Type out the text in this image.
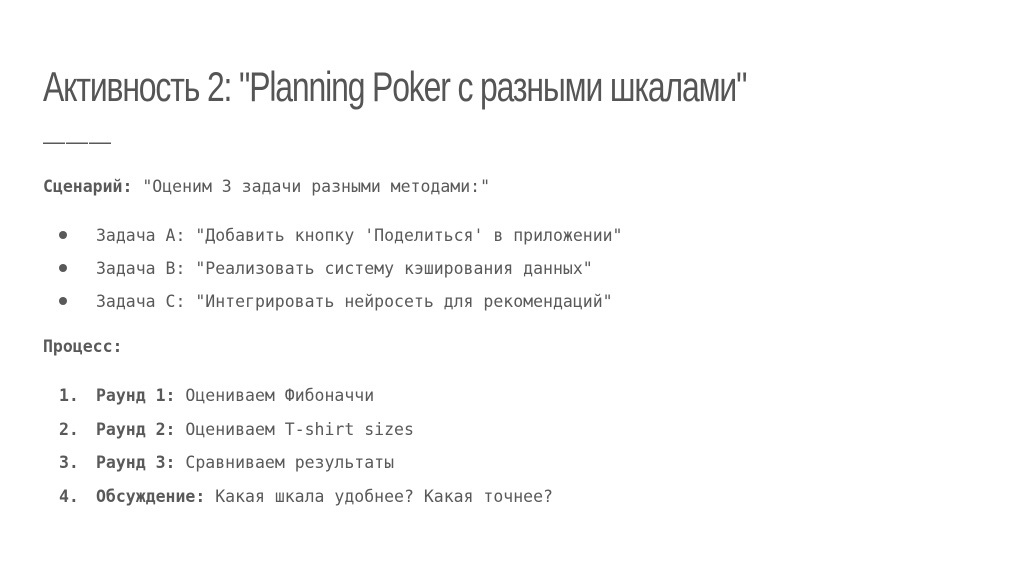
Активность 2: "Planning Poker с разными шкалами"
———

Сценарий: "Оценим 3 задачи разными методами:"

Задача A: "Добавить кнопку 'Поделиться' в приложении"
Задача B: "Реализовать систему кэширования данных"
Задача C: "Интегрировать нейросеть для рекомендаций"

Процесс:

1. Раунд 1: Оцениваем Фибоначчи
2. Раунд 2: Оцениваем T-shirt sizes
3. Раунд 3: Сравниваем результаты
4. Обсуждение: Какая шкала удобнее? Какая точнее?
